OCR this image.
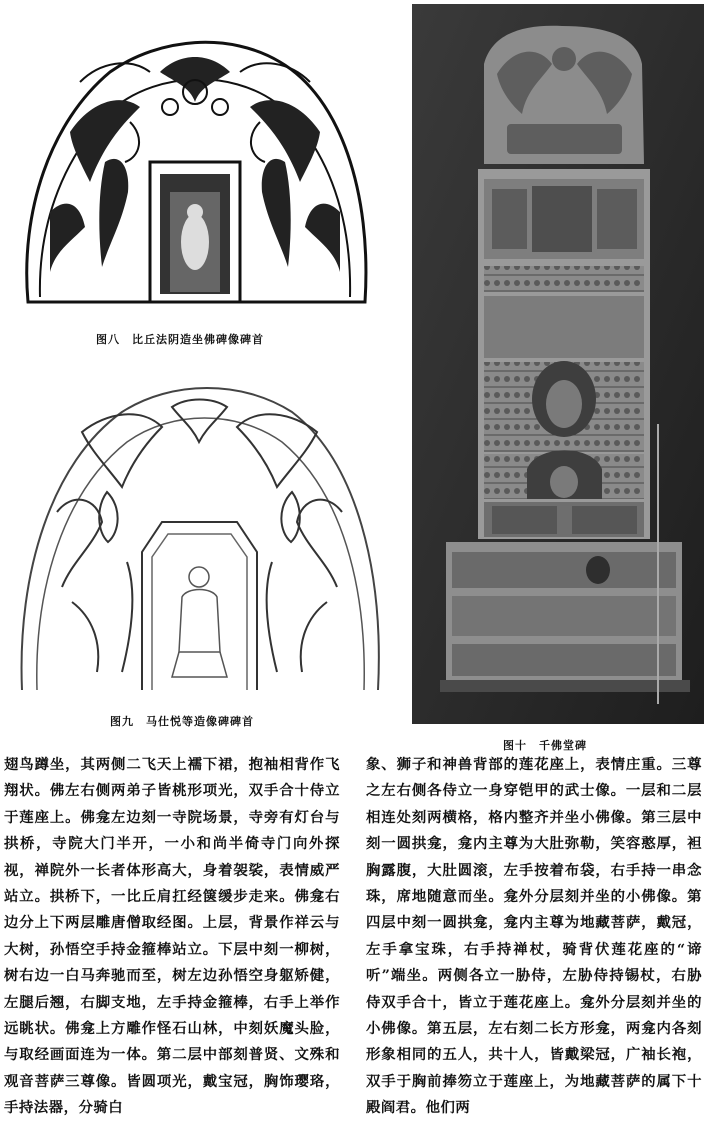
图八　比丘法阴造坐佛碑像碑首
图九　马仕悦等造像碑碑首
图十　千佛堂碑

翅鸟蹲坐，其两侧二飞天上襦下裙，抱袖相背作飞翔状。佛左右侧两弟子皆桃形项光，双手合十侍立于莲座上。佛龛左边刻一寺院场景，寺旁有灯台与拱桥，寺院大门半开，一小和尚半倚寺门向外探视，禅院外一长者体形高大，身着袈裟，表情威严站立。拱桥下，一比丘肩扛经箧缓步走来。佛龛右边分上下两层雕唐僧取经图。上层，背景作祥云与大树，孙悟空手持金箍棒站立。下层中刻一柳树，树右边一白马奔驰而至，树左边孙悟空身躯矫健，左腿后翘，右脚支地，左手持金箍棒，右手上举作远眺状。佛龛上方雕作怪石山林，中刻妖魔头脸，与取经画面连为一体。第二层中部刻普贤、文殊和观音菩萨三尊像。皆圆项光，戴宝冠，胸饰璎珞，手持法器，分骑白

象、狮子和神兽背部的莲花座上，表情庄重。三尊之左右侧各侍立一身穿铠甲的武士像。一层和二层相连处刻两横格，格内整齐并坐小佛像。第三层中刻一圆拱龛，龛内主尊为大肚弥勒，笑容憨厚，袒胸露腹，大肚圆滚，左手按着布袋，右手持一串念珠，席地随意而坐。龛外分层刻并坐的小佛像。第四层中刻一圆拱龛，龛内主尊为地藏菩萨，戴冠，左手拿宝珠，右手持禅杖，骑背伏莲花座的“谛听”端坐。两侧各立一胁侍，左胁侍持锡杖，右胁侍双手合十，皆立于莲花座上。龛外分层刻并坐的小佛像。第五层，左右刻二长方形龛，两龛内各刻形象相同的五人，共十人，皆戴梁冠，广袖长袍，双手于胸前捧笏立于莲座上，为地藏菩萨的属下十殿阎君。他们两
